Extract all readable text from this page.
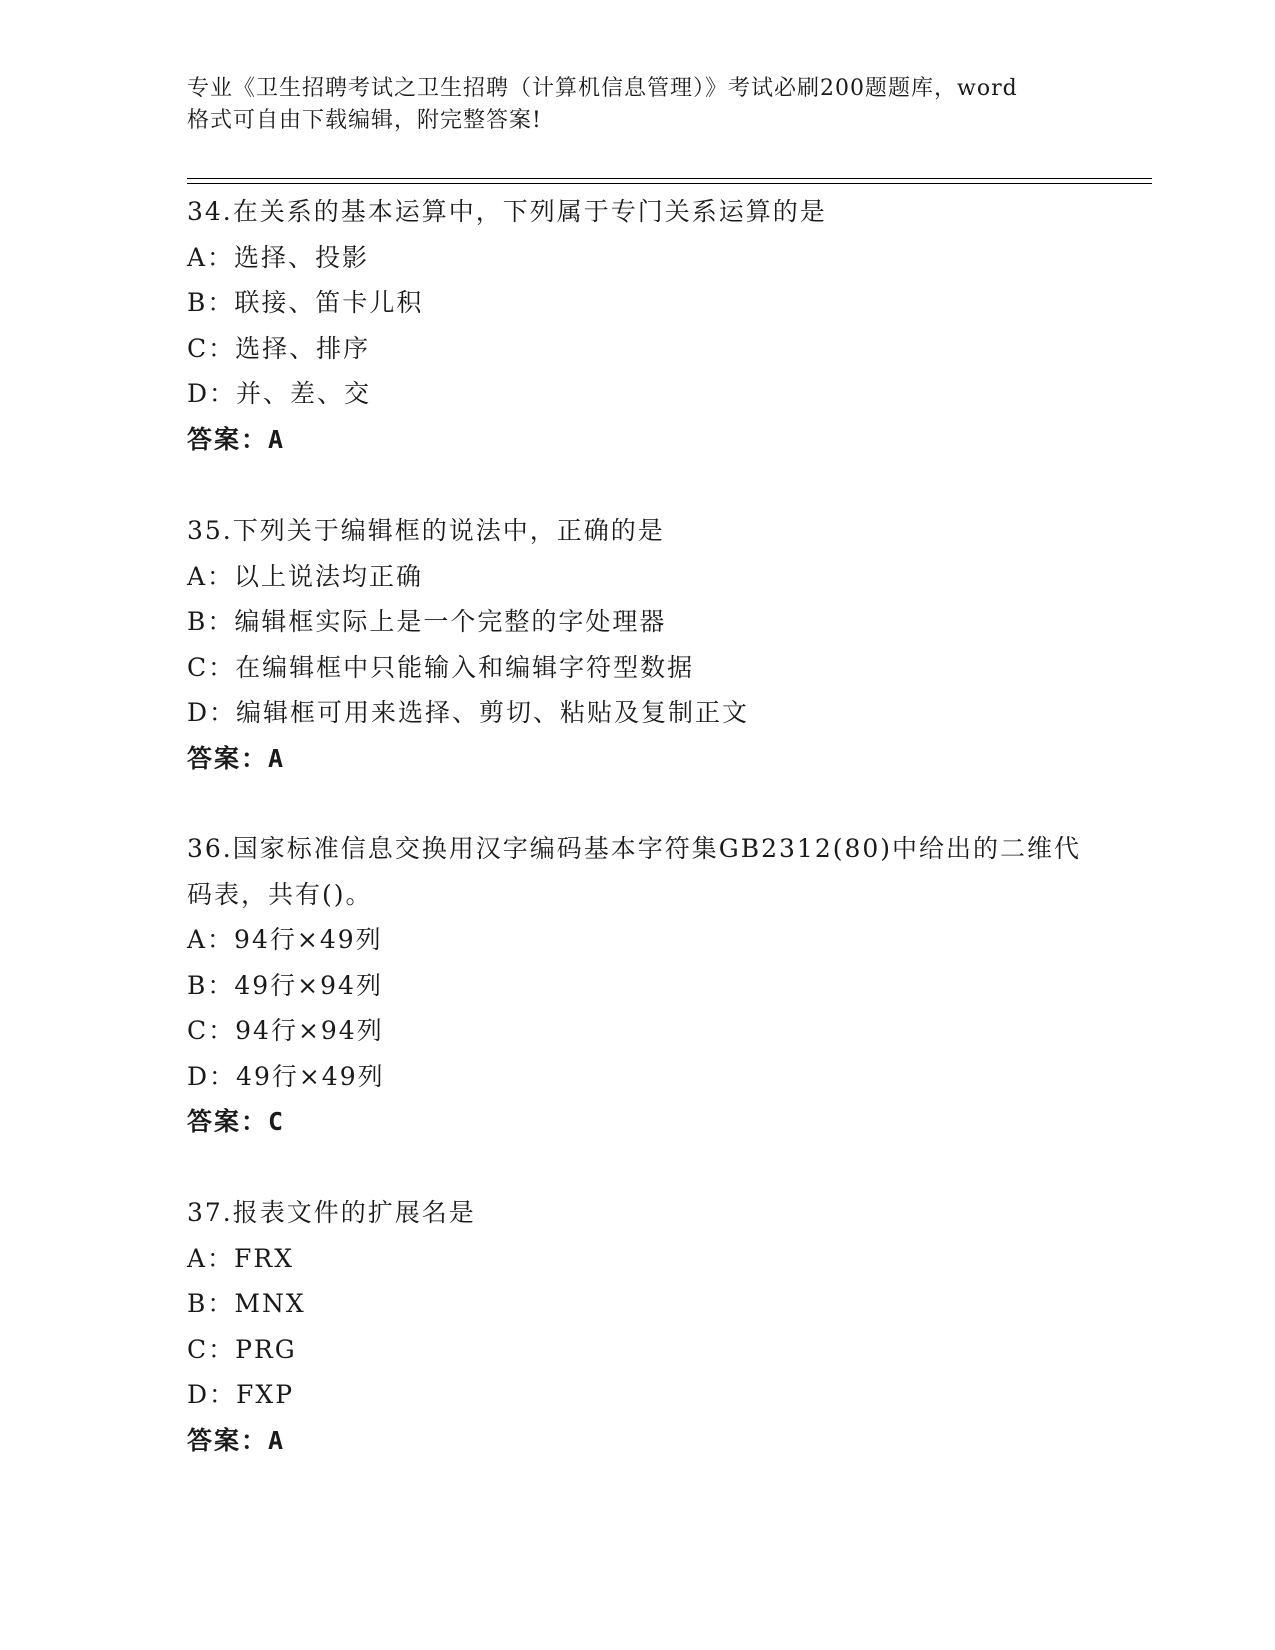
专业《卫生招聘考试之卫生招聘（计算机信息管理）》考试必刷200题题库，word
格式可自由下载编辑，附完整答案!
34.在关系的基本运算中，下列属于专门关系运算的是
A：选择、投影
B：联接、笛卡儿积
C：选择、排序
D：并、差、交
答案：A
35.下列关于编辑框的说法中，正确的是
A：以上说法均正确
B：编辑框实际上是一个完整的字处理器
C：在编辑框中只能输入和编辑字符型数据
D：编辑框可用来选择、剪切、粘贴及复制正文
答案：A
36.国家标准信息交换用汉字编码基本字符集GB2312(80)中给出的二维代码表，共有()。
A：94行×49列
B：49行×94列
C：94行×94列
D：49行×49列
答案：C
37.报表文件的扩展名是
A：FRX
B：MNX
C：PRG
D：FXP
答案：A
